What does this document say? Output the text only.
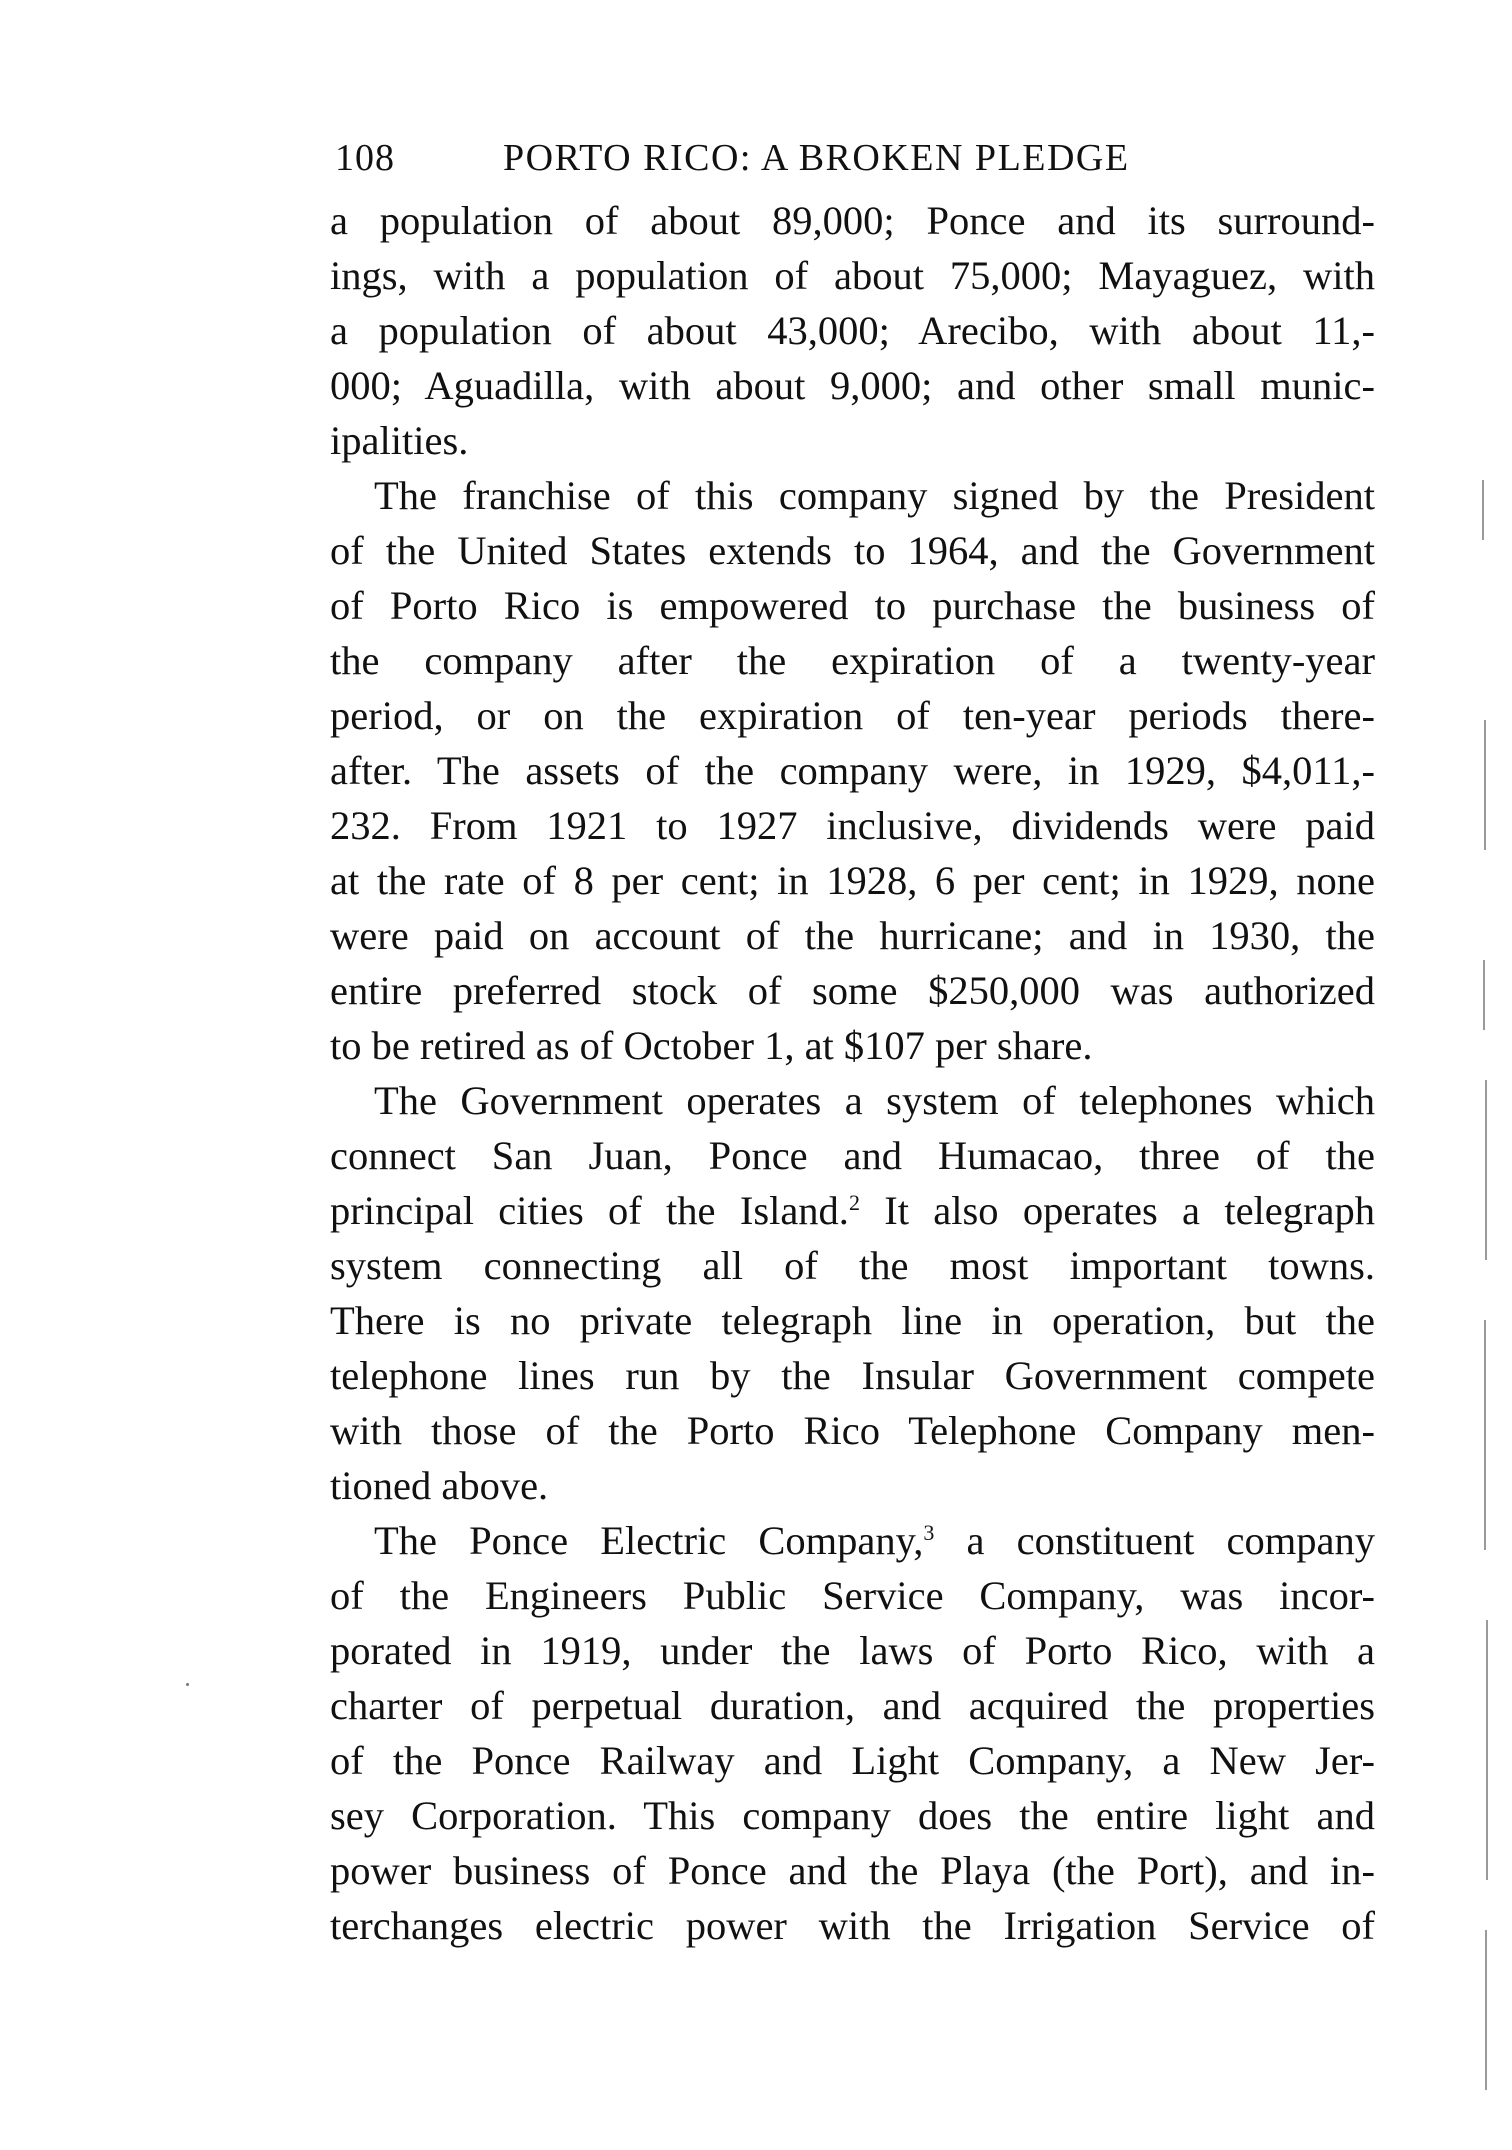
108	PORTO RICO: A BROKEN PLEDGE
a population of about 89,000; Ponce and its surround-
ings, with a population of about 75,000; Mayaguez, with
a population of about 43,000; Arecibo, with about 11,-
000; Aguadilla, with about 9,000; and other small munic-
ipalities.
The franchise of this company signed by the President
of the United States extends to 1964, and the Government
of Porto Rico is empowered to purchase the business of
the company after the expiration of a twenty-year
period, or on the expiration of ten-year periods there-
after. The assets of the company were, in 1929, $4,011,-
232. From 1921 to 1927 inclusive, dividends were paid
at the rate of 8 per cent; in 1928, 6 per cent; in 1929, none
were paid on account of the hurricane; and in 1930, the
entire preferred stock of some $250,000 was authorized
to be retired as of October 1, at $107 per share.
The Government operates a system of telephones which
connect San Juan, Ponce and Humacao, three of the
principal cities of the Island.$^2$ It also operates a telegraph
system connecting all of the most important towns.
There is no private telegraph line in operation, but the
telephone lines run by the Insular Government compete
with those of the Porto Rico Telephone Company men-
tioned above.
The Ponce Electric Company,$^3$ a constituent company
of the Engineers Public Service Company, was incor-
porated in 1919, under the laws of Porto Rico, with a
charter of perpetual duration, and acquired the properties
of the Ponce Railway and Light Company, a New Jer-
sey Corporation. This company does the entire light and
power business of Ponce and the Playa (the Port), and in-
terchanges electric power with the Irrigation Service of
